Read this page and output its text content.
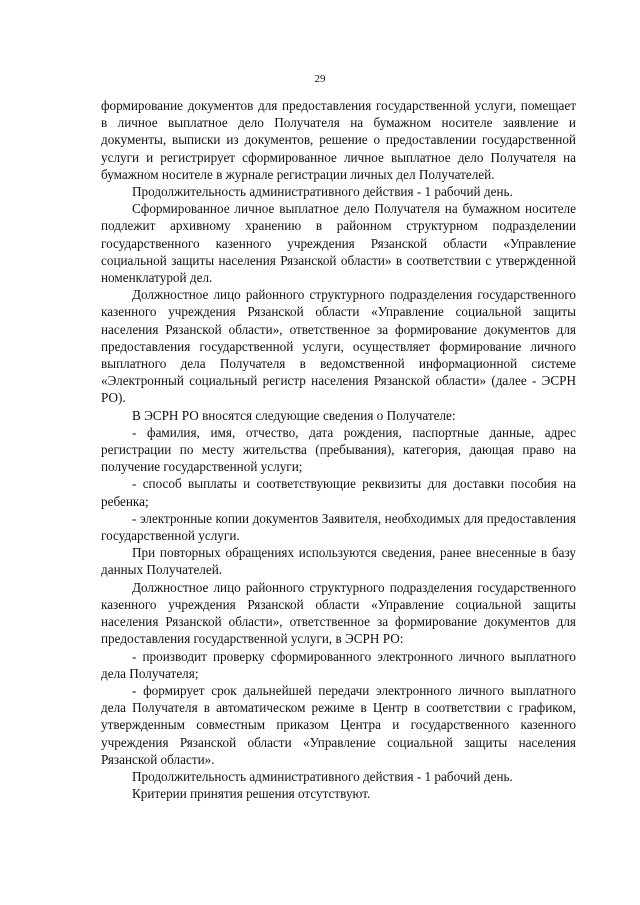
29

формирование документов для предоставления государственной услуги, помещает в личное выплатное дело Получателя на бумажном носителе заявление и документы, выписки из документов, решение о предоставлении государственной услуги и регистрирует сформированное личное выплатное дело Получателя на бумажном носителе в журнале регистрации личных дел Получателей.

Продолжительность административного действия - 1 рабочий день.

Сформированное личное выплатное дело Получателя на бумажном носителе подлежит архивному хранению в районном структурном подразделении государственного казенного учреждения Рязанской области «Управление социальной защиты населения Рязанской области» в соответствии с утвержденной номенклатурой дел.

Должностное лицо районного структурного подразделения государственного казенного учреждения Рязанской области «Управление социальной защиты населения Рязанской области», ответственное за формирование документов для предоставления государственной услуги, осуществляет формирование личного выплатного дела Получателя в ведомственной информационной системе «Электронный социальный регистр населения Рязанской области» (далее - ЭСРН РО).

В ЭСРН РО вносятся следующие сведения о Получателе:

- фамилия, имя, отчество, дата рождения, паспортные данные, адрес регистрации по месту жительства (пребывания), категория, дающая право на получение государственной услуги;

- способ выплаты и соответствующие реквизиты для доставки пособия на ребенка;

- электронные копии документов Заявителя, необходимых для предоставления государственной услуги.

При повторных обращениях используются сведения, ранее внесенные в базу данных Получателей.

Должностное лицо районного структурного подразделения государственного казенного учреждения Рязанской области «Управление социальной защиты населения Рязанской области», ответственное за формирование документов для предоставления государственной услуги, в ЭСРН РО:

- производит проверку сформированного электронного личного выплатного дела Получателя;

- формирует срок дальнейшей передачи электронного личного выплатного дела Получателя в автоматическом режиме в Центр в соответствии с графиком, утвержденным совместным приказом Центра и государственного казенного учреждения Рязанской области «Управление социальной защиты населения Рязанской области».

Продолжительность административного действия - 1 рабочий день.

Критерии принятия решения отсутствуют.
